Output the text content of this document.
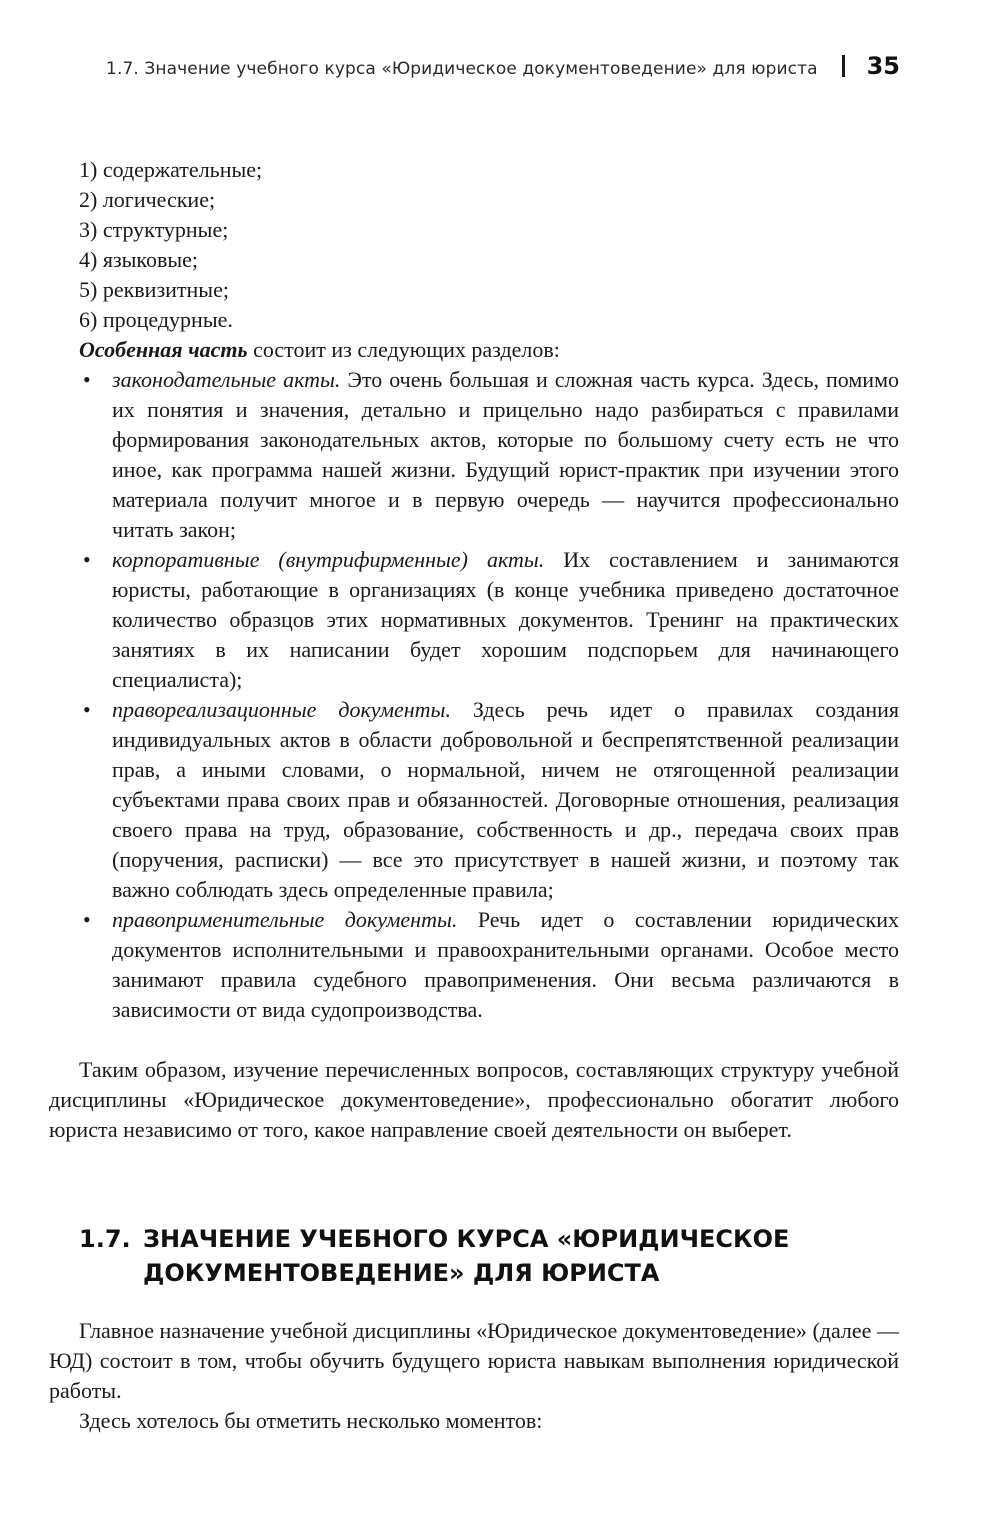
1.7. Значение учебного курса «Юридическое документоведение» для юриста 35
1) содержательные;
2) логические;
3) структурные;
4) языковые;
5) реквизитные;
6) процедурные.
Особенная часть состоит из следующих разделов:
• законодательные акты. Это очень большая и сложная часть курса. Здесь, помимо их понятия и значения, детально и прицельно надо разбираться с правилами формирования законодательных актов, которые по большому счету есть не что иное, как программа нашей жизни. Будущий юрист-практик при изучении этого материала получит многое и в первую очередь — научится профессионально читать закон;
• корпоративные (внутрифирменные) акты. Их составлением и занимаются юристы, работающие в организациях (в конце учебника приведено достаточное количество образцов этих нормативных документов. Тренинг на практических занятиях в их написании будет хорошим подспорьем для начинающего специалиста);
• правореализационные документы. Здесь речь идет о правилах создания индивидуальных актов в области добровольной и беспрепятственной реализации прав, а иными словами, о нормальной, ничем не отягощенной реализации субъектами права своих прав и обязанностей. Договорные отношения, реализация своего права на труд, образование, собственность и др., передача своих прав (поручения, расписки) — все это присутствует в нашей жизни, и поэтому так важно соблюдать здесь определенные правила;
• правоприменительные документы. Речь идет о составлении юридических документов исполнительными и правоохранительными органами. Особое место занимают правила судебного правоприменения. Они весьма различаются в зависимости от вида судопроизводства.
Таким образом, изучение перечисленных вопросов, составляющих структуру учебной дисциплины «Юридическое документоведение», профессионально обогатит любого юриста независимо от того, какое направление своей деятельности он выберет.
1.7. ЗНАЧЕНИЕ УЧЕБНОГО КУРСА «ЮРИДИЧЕСКОЕ ДОКУМЕНТОВЕДЕНИЕ» ДЛЯ ЮРИСТА
Главное назначение учебной дисциплины «Юридическое документоведение» (далее — ЮД) состоит в том, чтобы обучить будущего юриста навыкам выполнения юридической работы.
Здесь хотелось бы отметить несколько моментов:
